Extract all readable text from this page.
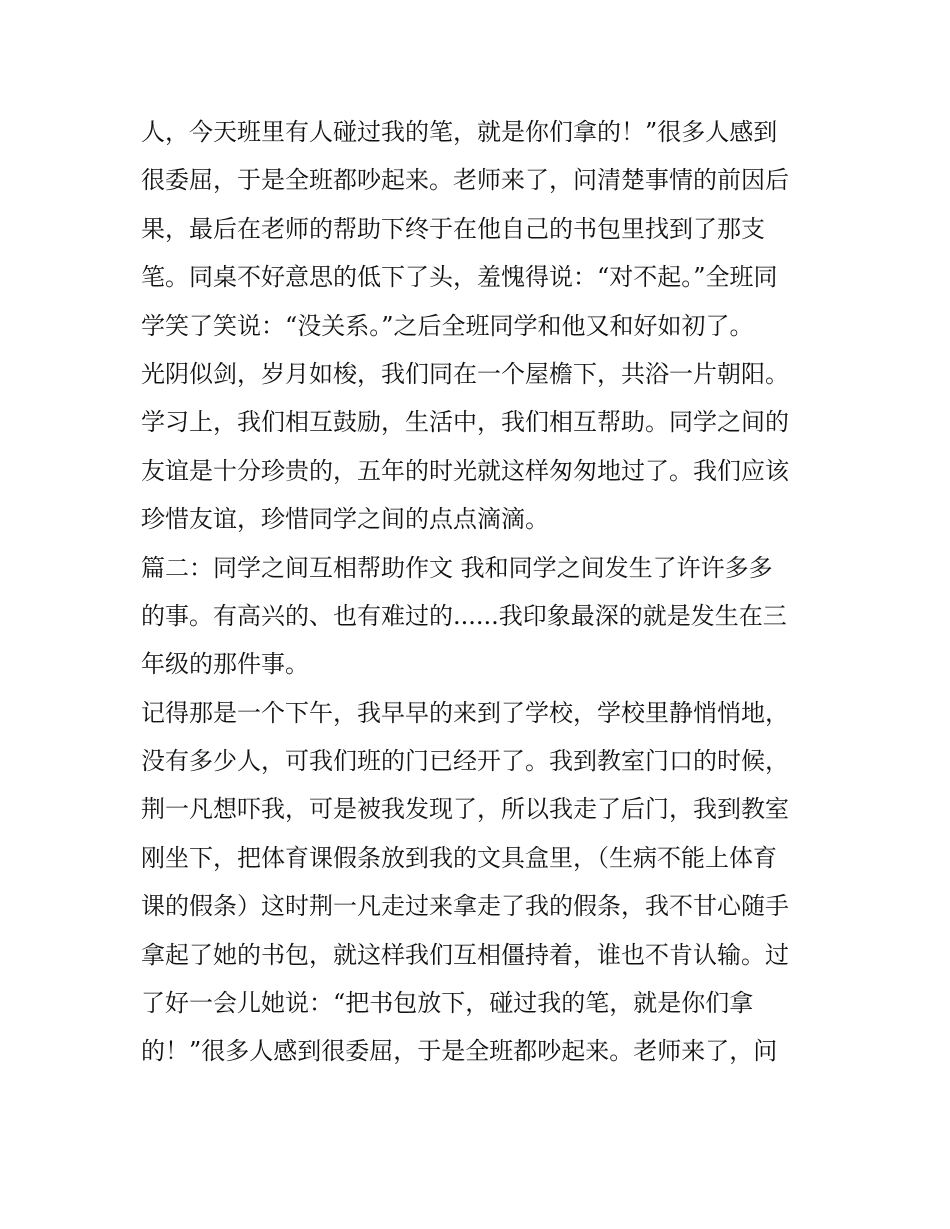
人，今天班里有人碰过我的笔，就是你们拿的！”很多人感到
很委屈，于是全班都吵起来。老师来了，问清楚事情的前因后
果，最后在老师的帮助下终于在他自己的书包里找到了那支
笔。同桌不好意思的低下了头，羞愧得说：“对不起。”全班同
学笑了笑说：“没关系。”之后全班同学和他又和好如初了。
光阴似剑，岁月如梭，我们同在一个屋檐下，共浴一片朝阳。
学习上，我们相互鼓励，生活中，我们相互帮助。同学之间的
友谊是十分珍贵的，五年的时光就这样匆匆地过了。我们应该
珍惜友谊，珍惜同学之间的点点滴滴。
篇二：同学之间互相帮助作文 我和同学之间发生了许许多多
的事。有高兴的、也有难过的......我印象最深的就是发生在三
年级的那件事。
记得那是一个下午，我早早的来到了学校，学校里静悄悄地，
没有多少人，可我们班的门已经开了。我到教室门口的时候，
荆一凡想吓我，可是被我发现了，所以我走了后门，我到教室
刚坐下，把体育课假条放到我的文具盒里，（生病不能上体育
课的假条）这时荆一凡走过来拿走了我的假条，我不甘心随手
拿起了她的书包，就这样我们互相僵持着，谁也不肯认输。过
了好一会儿她说：“把书包放下，碰过我的笔，就是你们拿
的！”很多人感到很委屈，于是全班都吵起来。老师来了，问
